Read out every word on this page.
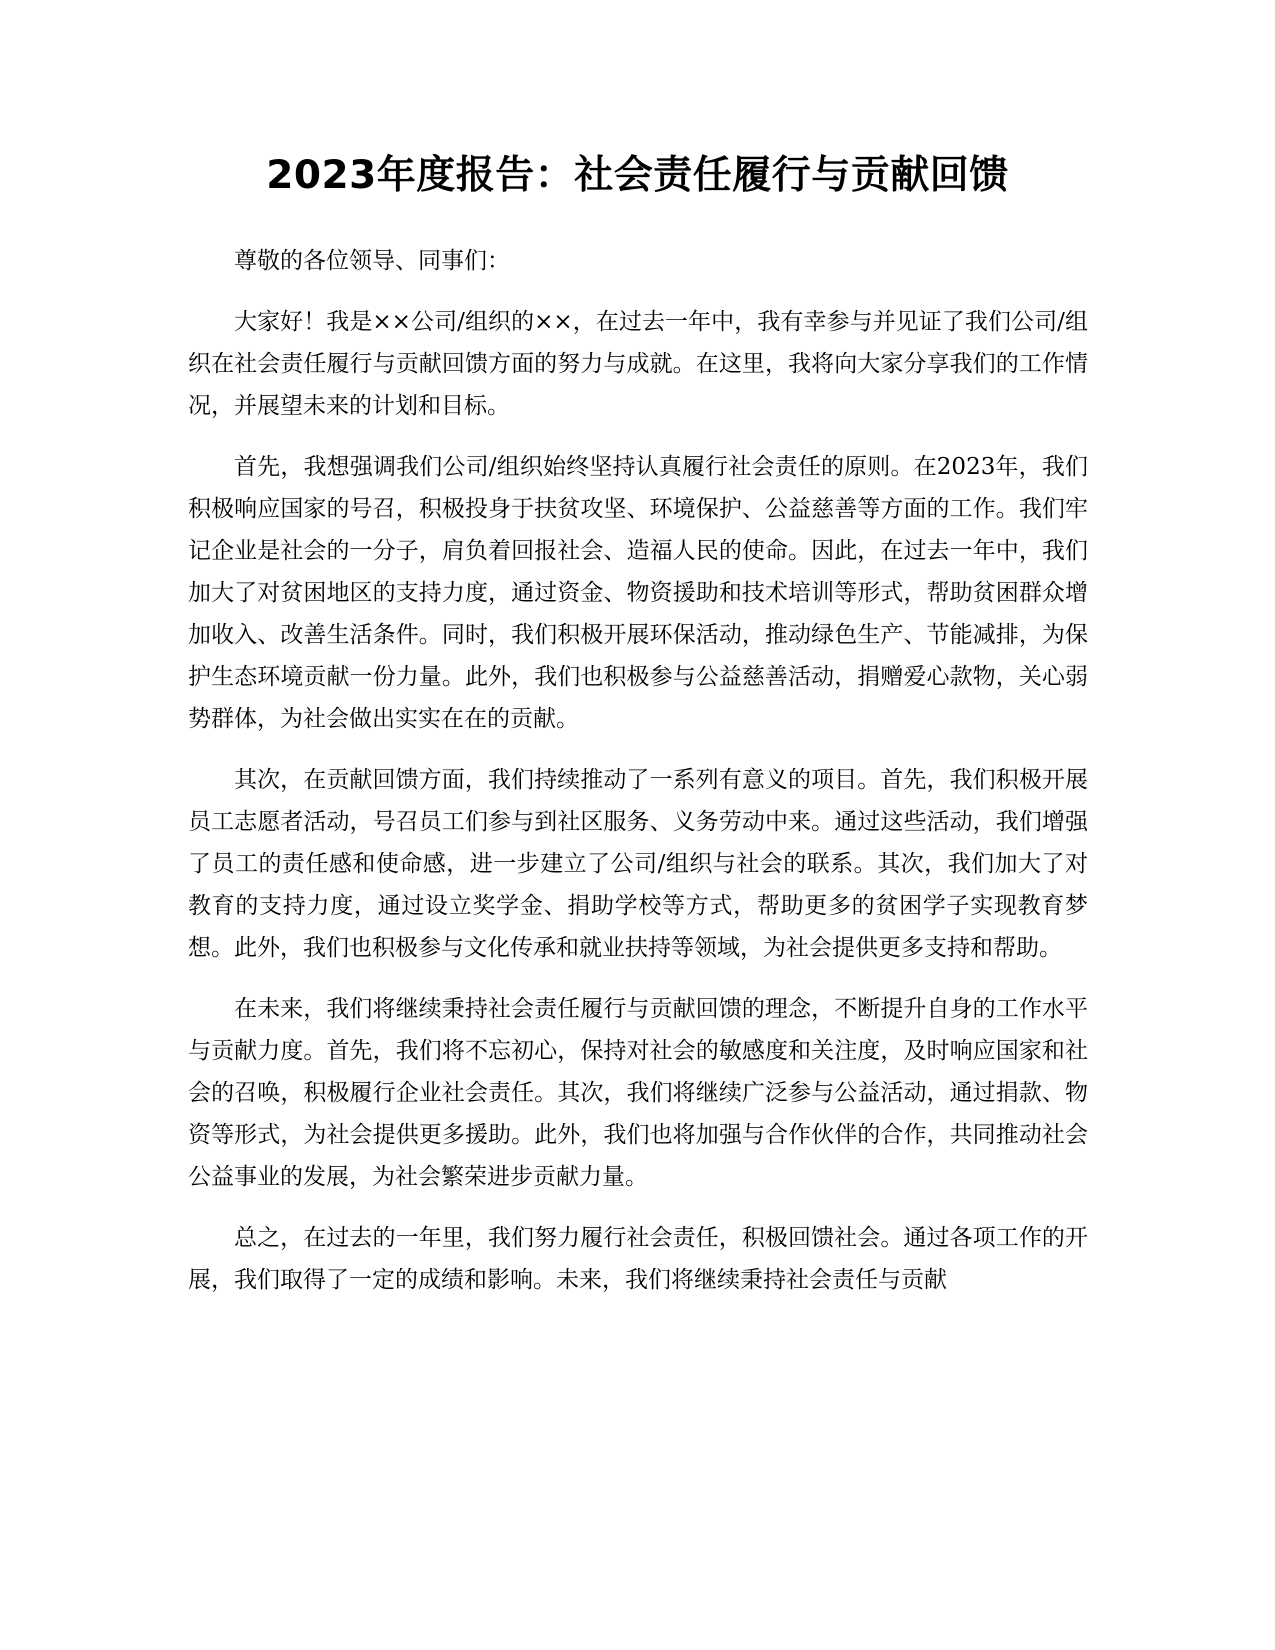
2023年度报告：社会责任履行与贡献回馈

尊敬的各位领导、同事们：

大家好！我是××公司/组织的××，在过去一年中，我有幸参与并见证了我们公司/组织在社会责任履行与贡献回馈方面的努力与成就。在这里，我将向大家分享我们的工作情况，并展望未来的计划和目标。

首先，我想强调我们公司/组织始终坚持认真履行社会责任的原则。在2023年，我们积极响应国家的号召，积极投身于扶贫攻坚、环境保护、公益慈善等方面的工作。我们牢记企业是社会的一分子，肩负着回报社会、造福人民的使命。因此，在过去一年中，我们加大了对贫困地区的支持力度，通过资金、物资援助和技术培训等形式，帮助贫困群众增加收入、改善生活条件。同时，我们积极开展环保活动，推动绿色生产、节能减排，为保护生态环境贡献一份力量。此外，我们也积极参与公益慈善活动，捐赠爱心款物，关心弱势群体，为社会做出实实在在的贡献。

其次，在贡献回馈方面，我们持续推动了一系列有意义的项目。首先，我们积极开展员工志愿者活动，号召员工们参与到社区服务、义务劳动中来。通过这些活动，我们增强了员工的责任感和使命感，进一步建立了公司/组织与社会的联系。其次，我们加大了对教育的支持力度，通过设立奖学金、捐助学校等方式，帮助更多的贫困学子实现教育梦想。此外，我们也积极参与文化传承和就业扶持等领域，为社会提供更多支持和帮助。

在未来，我们将继续秉持社会责任履行与贡献回馈的理念，不断提升自身的工作水平与贡献力度。首先，我们将不忘初心，保持对社会的敏感度和关注度，及时响应国家和社会的召唤，积极履行企业社会责任。其次，我们将继续广泛参与公益活动，通过捐款、物资等形式，为社会提供更多援助。此外，我们也将加强与合作伙伴的合作，共同推动社会公益事业的发展，为社会繁荣进步贡献力量。

总之，在过去的一年里，我们努力履行社会责任，积极回馈社会。通过各项工作的开展，我们取得了一定的成绩和影响。未来，我们将继续秉持社会责任与贡献
